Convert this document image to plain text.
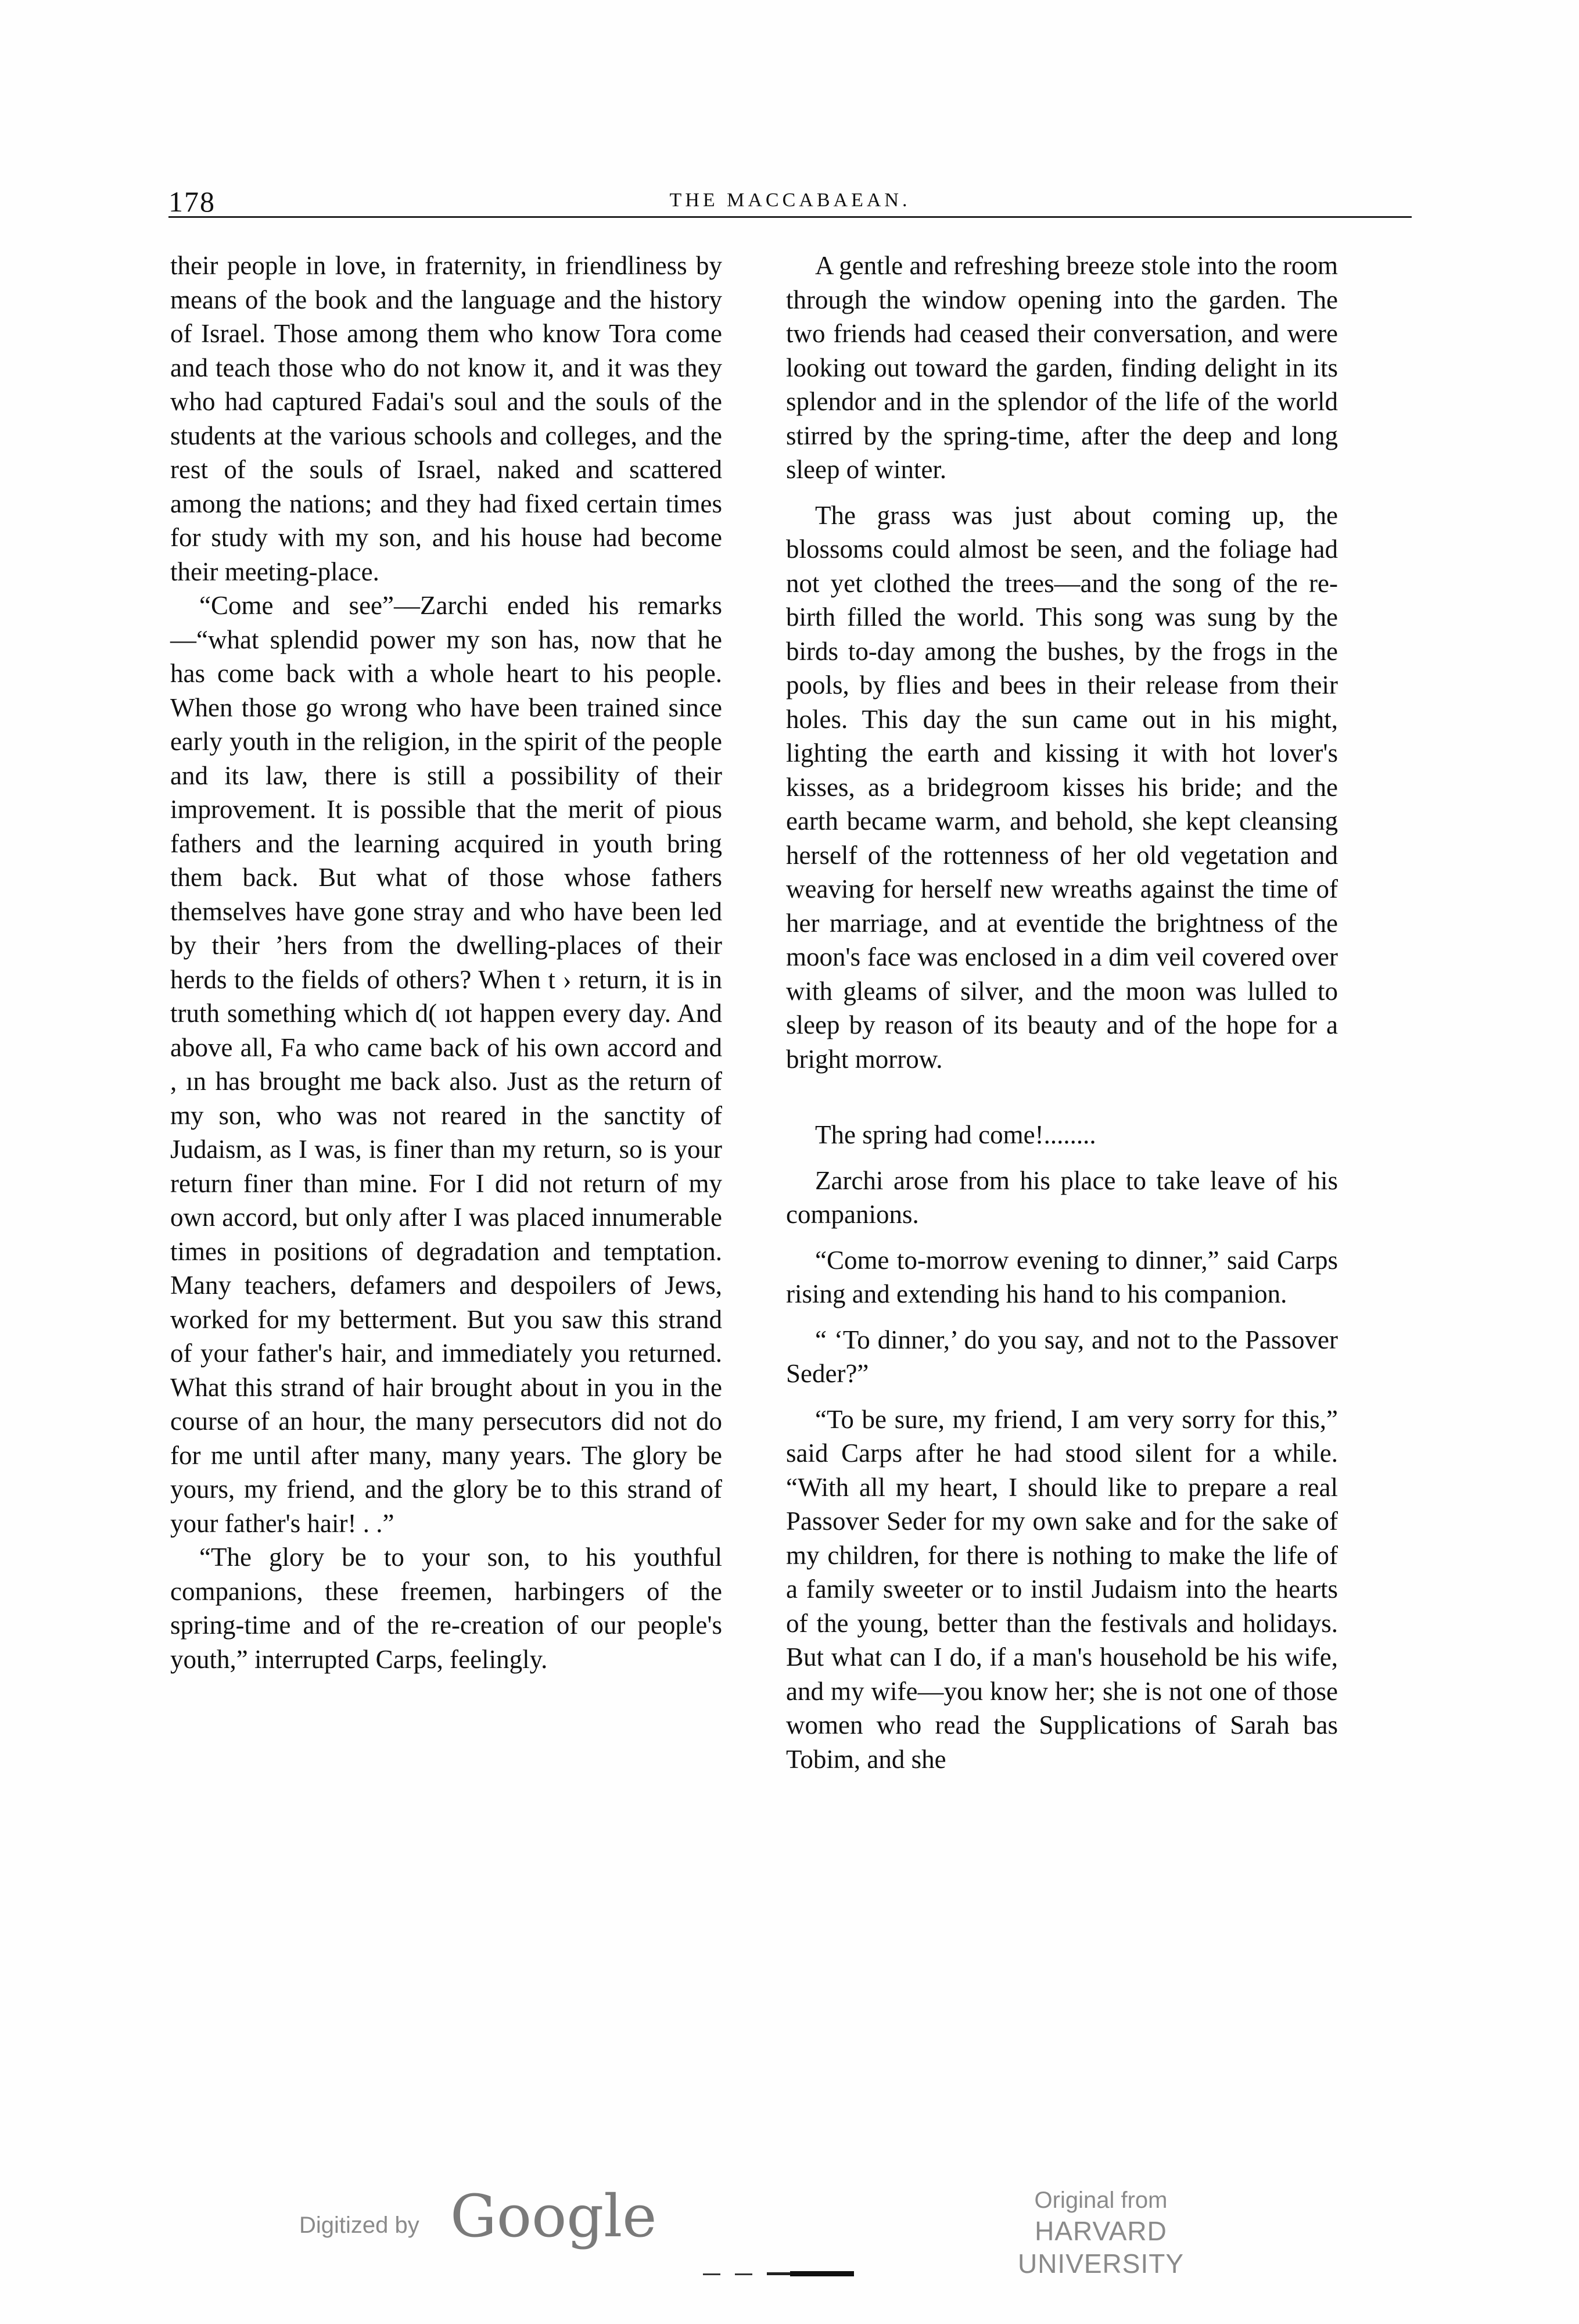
178	THE MACCABAEAN.

their people in love, in fraternity, in friendliness by means of the book and the language and the history of Israel. Those among them who know Tora come and teach those who do not know it, and it was they who had captured Fadai's soul and the souls of the students at the various schools and colleges, and the rest of the souls of Israel, naked and scattered among the nations; and they had fixed certain times for study with my son, and his house had become their meeting-place.

“Come and see”—Zarchi ended his remarks—“what splendid power my son has, now that he has come back with a whole heart to his people. When those go wrong who have been trained since early youth in the religion, in the spirit of the people and its law, there is still a possibility of their improvement. It is possible that the merit of pious fathers and the learning acquired in youth bring them back. But what of those whose fathers themselves have gone stray and who have been led by their ’hers from the dwelling-places of their herds to the fields of others? When t › return, it is in truth something which d( ıot happen every day. And above all, Fa who came back of his own accord and , ın has brought me back also. Just as the return of my son, who was not reared in the sanctity of Judaism, as I was, is finer than my return, so is your return finer than mine. For I did not return of my own accord, but only after I was placed innumerable times in positions of degradation and temptation. Many teachers, defamers and despoilers of Jews, worked for my betterment. But you saw this strand of your father's hair, and immediately you returned. What this strand of hair brought about in you in the course of an hour, the many persecutors did not do for me until after many, many years. The glory be yours, my friend, and the glory be to this strand of your father's hair! . .”

“The glory be to your son, to his youthful companions, these freemen, harbingers of the spring-time and of the re-creation of our people's youth,” interrupted Carps, feelingly.

A gentle and refreshing breeze stole into the room through the window opening into the garden. The two friends had ceased their conversation, and were looking out toward the garden, finding delight in its splendor and in the splendor of the life of the world stirred by the spring-time, after the deep and long sleep of winter.

The grass was just about coming up, the blossoms could almost be seen, and the foliage had not yet clothed the trees—and the song of the re-birth filled the world. This song was sung by the birds to-day among the bushes, by the frogs in the pools, by flies and bees in their release from their holes. This day the sun came out in his might, lighting the earth and kissing it with hot lover's kisses, as a bridegroom kisses his bride; and the earth became warm, and behold, she kept cleansing herself of the rottenness of her old vegetation and weaving for herself new wreaths against the time of her marriage, and at eventide the brightness of the moon's face was enclosed in a dim veil covered over with gleams of silver, and the moon was lulled to sleep by reason of its beauty and of the hope for a bright morrow.

The spring had come!........

Zarchi arose from his place to take leave of his companions.

“Come to-morrow evening to dinner,” said Carps rising and extending his hand to his companion.

“ ‘To dinner,’ do you say, and not to the Passover Seder?”

“To be sure, my friend, I am very sorry for this,” said Carps after he had stood silent for a while. “With all my heart, I should like to prepare a real Passover Seder for my own sake and for the sake of my children, for there is nothing to make the life of a family sweeter or to instil Judaism into the hearts of the young, better than the festivals and holidays. But what can I do, if a man's household be his wife, and my wife—you know her; she is not one of those women who read the Supplications of Sarah bas Tobim, and she

Digitized by Google	Original from
HARVARD UNIVERSITY
